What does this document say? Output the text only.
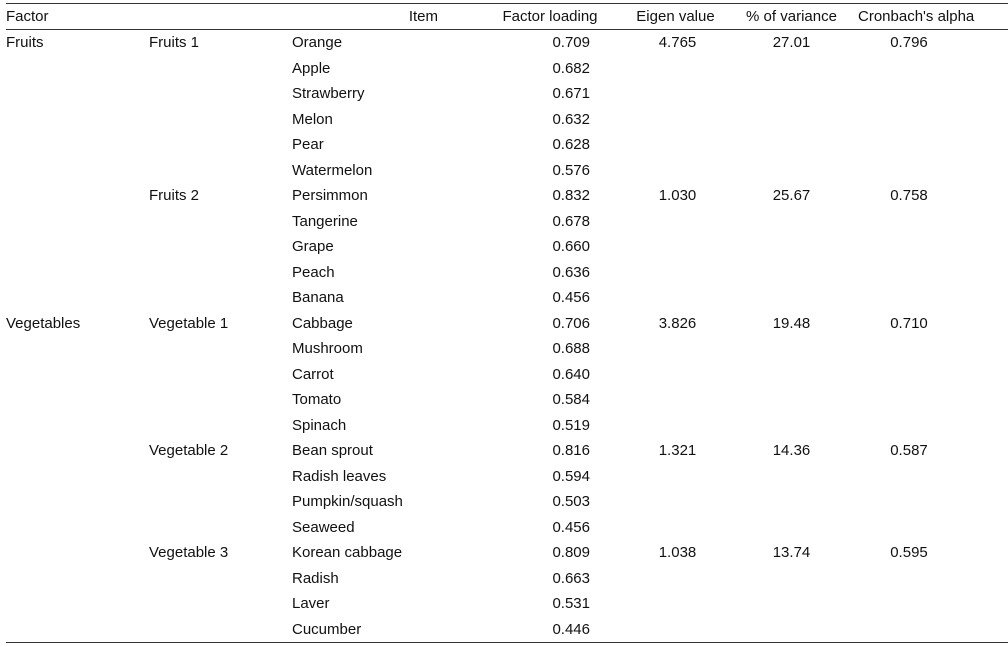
Factor		Item	Factor loading	Eigen value	% of variance	Cronbach's alpha
Fruits	Fruits 1	Orange	0.709	4.765	27.01	0.796
		Apple	0.682			
		Strawberry	0.671			
		Melon	0.632			
		Pear	0.628			
		Watermelon	0.576			
	Fruits 2	Persimmon	0.832	1.030	25.67	0.758
		Tangerine	0.678			
		Grape	0.660			
		Peach	0.636			
		Banana	0.456			
Vegetables	Vegetable 1	Cabbage	0.706	3.826	19.48	0.710
		Mushroom	0.688			
		Carrot	0.640			
		Tomato	0.584			
		Spinach	0.519			
	Vegetable 2	Bean sprout	0.816	1.321	14.36	0.587
		Radish leaves	0.594			
		Pumpkin/squash	0.503			
		Seaweed	0.456			
	Vegetable 3	Korean cabbage	0.809	1.038	13.74	0.595
		Radish	0.663			
		Laver	0.531			
		Cucumber	0.446			
